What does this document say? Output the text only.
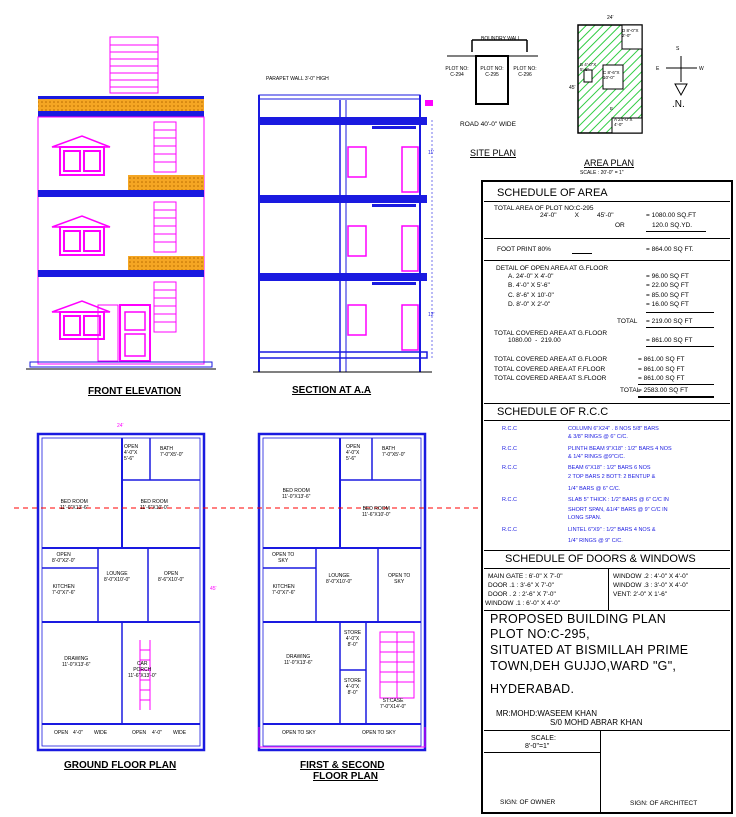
FRONT ELEVATION	SECTION AT A.A
PARAPET WALL 3'-0" HIGH
11'
12'
BOUNDRY WALL
PLOT NO: C-294
PLOT NO: C-295
PLOT NO: C-296
ROAD 40'-0" WIDE
SITE PLAN
24'
45'
D 8'-0"X 2'-0"
B 4'-0"X 5'-6"
C 8'-6"X 10'-0"
E
A 24'-0"X 4'-0"
S
E	W
.N.
AREA PLAN
SCALE : 20'-0" = 1"
24'
45'
OPEN
4'-0"X
5'-6"
BATH
7'-0"X5'-0"
BED ROOM
11'-0"X13'-6"
BED ROOM
11'-6"X10'-0"
OPEN
8'-0"X2'-0"
KITCHEN
7'-0"X7'-6"
LOUNGE
8'-0"X10'-0"
OPEN
8'-6"X10'-0"
DRAWING
11'-0"X13'-6"	CAR
PORCH
11'-6"X13'-0"
OPEN 4'-0" WIDE	OPEN 4'-0" WIDE
GROUND FLOOR PLAN
OPEN
4'-0"X
5'-6"
BATH
7'-0"X5'-0"
BED ROOM
11'-0"X13'-6"
BED ROOM
11'-6"X10'-0"
OPEN TO
SKY
KITCHEN
7'-0"X7'-6"
LOUNGE
8'-0"X10'-0"
OPEN TO
SKY
DRAWING
11'-0"X13'-6"
STORE
4'-0"X
8'-0"
STORE
4'-0"X
8'-0"
ST:CASE
7'-0"X14'-0"
OPEN TO SKY	OPEN TO SKY
FIRST & SECOND
FLOOR PLAN
SCHEDULE OF AREA
TOTAL AREA OF PLOT NO:C-295
24'-0"          X          45'-0"	= 1080.00 SQ.FT
OR	120.0 SQ.YD.
FOOT PRINT 80%	= 864.00 SQ FT.
DETAIL OF OPEN AREA AT G.FLOOR
A. 24'-0" X 4'-0"	= 96.00 SQ FT
B. 4'-0" X 5'-6"	= 22.00 SQ FT
C. 8'-6" X 10'-0"	= 85.00 SQ FT
D. 8'-0" X 2'-0"	= 16.00 SQ FT
TOTAL = 219.00 SQ FT
TOTAL COVERED AREA AT G.FLOOR
1080.00  -  219.00	= 861.00 SQ FT
TOTAL COVERED AREA AT G.FLOOR	= 861.00 SQ FT
TOTAL COVERED AREA AT F.FLOOR	= 861.00 SQ FT
TOTAL COVERED AREA AT S.FLOOR	= 861.00 SQ FT
TOTAL
= 2583.00 SQ FT
SCHEDULE OF R.C.C
R.C.C	COLUMN 6"X24" . 8 NOS 5/8" BARS
& 3/8" RINGS @ 6" C/C.
R.C.C	PLINTH BEAM 9"X18" : 1/2" BARS 4 NOS
& 1/4" RINGS @9"C/C.
R.C.C	BEAM 6"X18" : 1/2" BARS 6 NOS
2 TOP BARS 2 BOTT: 2 BENTUP &
1/4" BARS @ 6" C/C.
R.C.C	SLAB 5" THICK : 1/2" BARS @ 6" C/C IN
SHORT SPAN, &1/4" BARS @ 9" C/C IN
LONG SPAN.
R.C.C	LINTEL 6"X9" : 1/2" BARS 4 NOS &
1/4" RINGS @ 9" C/C.
SCHEDULE OF DOORS & WINDOWS
MAIN GATE : 6'-0" X 7'-0"
DOOR .1 : 3'-6" X 7'-0"
DOOR . 2 : 2'-6" X 7'-0"
WINDOW .1 : 6'-0" X 4'-0"
WINDOW .2 : 4'-0" X 4'-0"
WINDOW .3 : 3'-0" X 4'-0"
VENT: 2'-0" X 1'-6"
PROPOSED BUILDING PLAN
PLOT NO:C-295,
SITUATED AT BISMILLAH PRIME
TOWN,DEH GUJJO,WARD "G",
HYDERABAD.
MR:MOHD:WASEEM KHAN
S/0 MOHD ABRAR KHAN
SCALE:
8'-0"=1"
SIGN: OF OWNER	SIGN: OF ARCHITECT
